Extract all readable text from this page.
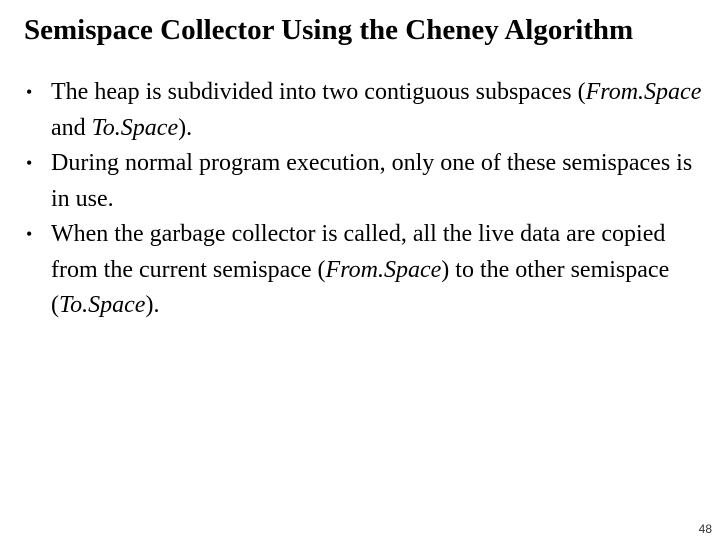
Semispace Collector Using the Cheney Algorithm
• The heap is subdivided into two contiguous subspaces (From.Space and To.Space).
• During normal program execution, only one of these semispaces is in use.
• When the garbage collector is called, all the live data are copied from the current semispace (From.Space) to the other semispace (To.Space).
48
